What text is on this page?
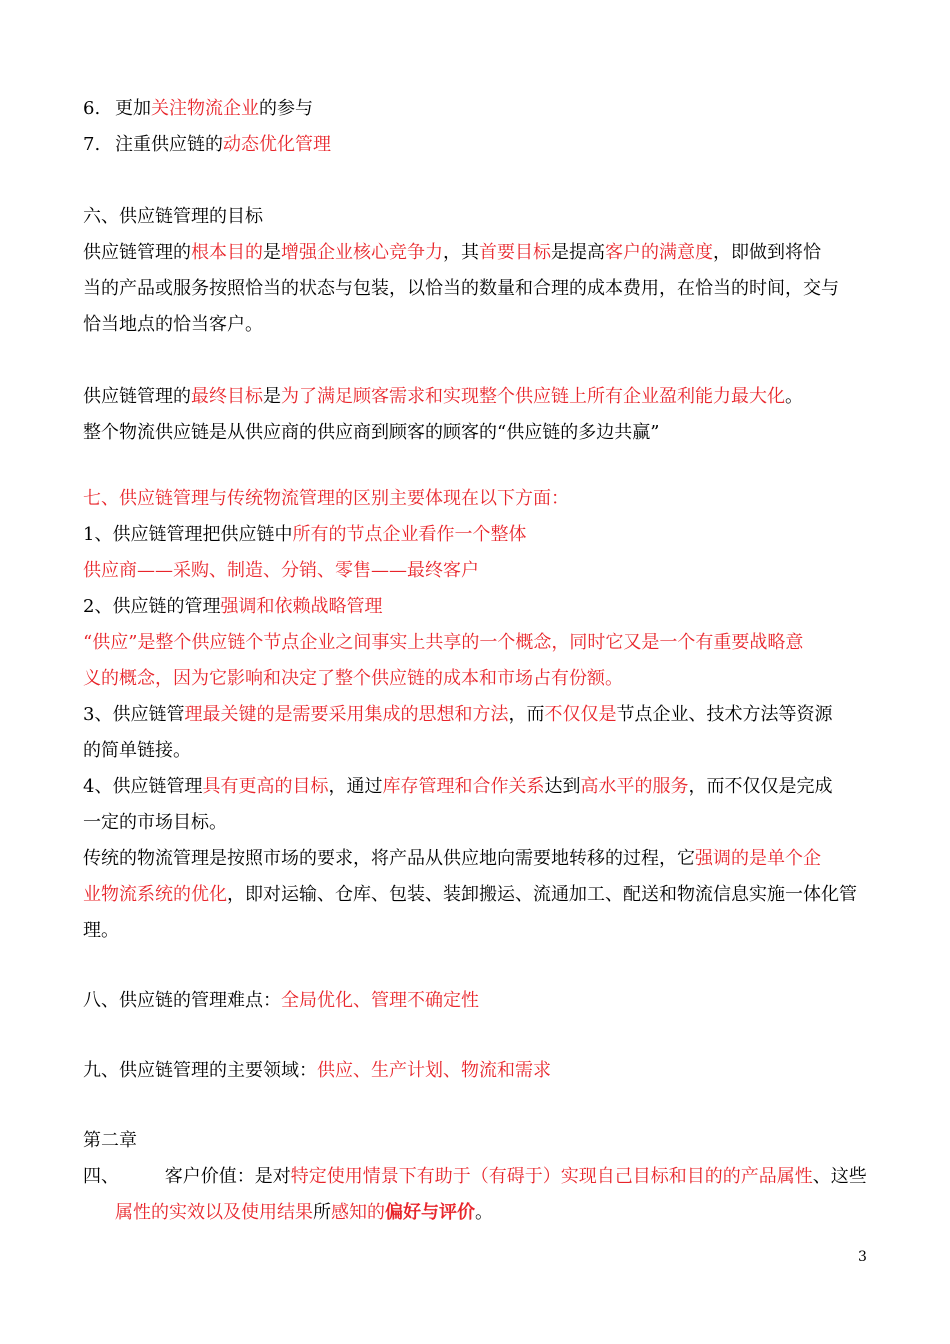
6. 更加关注物流企业的参与
7. 注重供应链的动态优化管理
六、供应链管理的目标
供应链管理的根本目的是增强企业核心竞争力，其首要目标是提高客户的满意度，即做到将恰
当的产品或服务按照恰当的状态与包装，以恰当的数量和合理的成本费用，在恰当的时间，交与
恰当地点的恰当客户。
供应链管理的最终目标是为了满足顾客需求和实现整个供应链上所有企业盈利能力最大化。
整个物流供应链是从供应商的供应商到顾客的顾客的“供应链的多边共赢”
七、供应链管理与传统物流管理的区别主要体现在以下方面：
1、供应链管理把供应链中所有的节点企业看作一个整体
供应商——采购、制造、分销、零售——最终客户
2、供应链的管理强调和依赖战略管理
“供应”是整个供应链个节点企业之间事实上共享的一个概念，同时它又是一个有重要战略意
义的概念，因为它影响和决定了整个供应链的成本和市场占有份额。
3、供应链管理最关键的是需要采用集成的思想和方法，而不仅仅是节点企业、技术方法等资源
的简单链接。
4、供应链管理具有更高的目标，通过库存管理和合作关系达到高水平的服务，而不仅仅是完成
一定的市场目标。
传统的物流管理是按照市场的要求，将产品从供应地向需要地转移的过程，它强调的是单个企
业物流系统的优化，即对运输、仓库、包装、装卸搬运、流通加工、配送和物流信息实施一体化管
理。
八、供应链的管理难点：全局优化、管理不确定性
九、供应链管理的主要领域：供应、生产计划、物流和需求
第二章
四、	客户价值：是对特定使用情景下有助于（有碍于）实现自己目标和目的的产品属性、这些
属性的实效以及使用结果所感知的偏好与评价。
3
